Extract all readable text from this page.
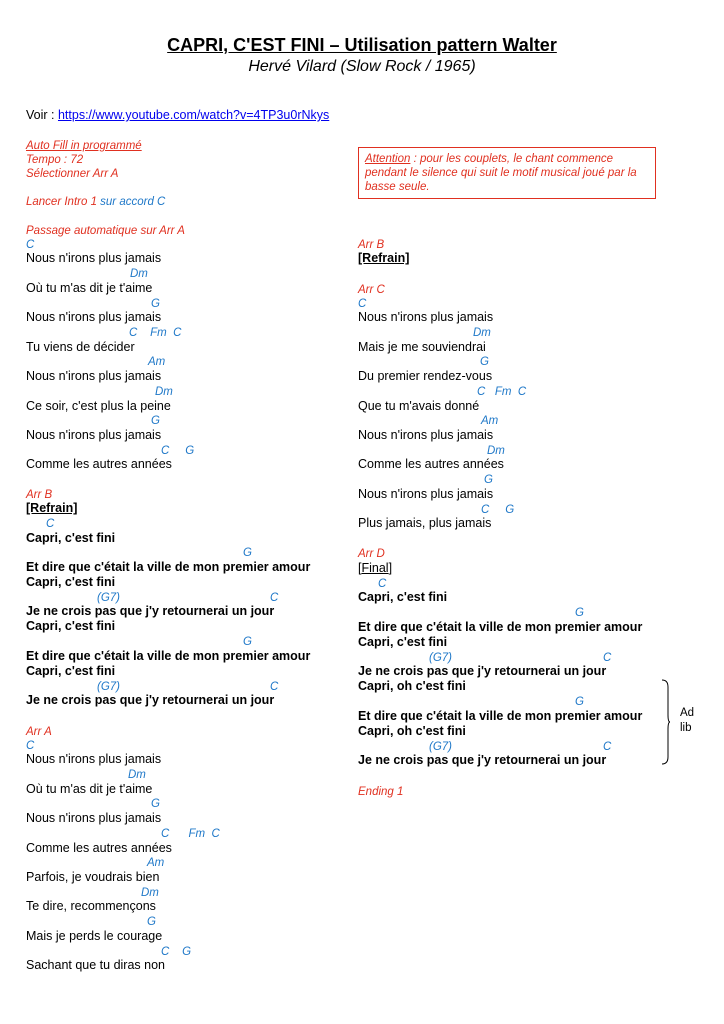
CAPRI, C'EST FINI – Utilisation pattern Walter
Hervé Vilard (Slow Rock / 1965)
Voir : https://www.youtube.com/watch?v=4TP3u0rNkys
Attention : pour les couplets, le chant commence pendant le silence qui suit le motif musical joué par la basse seule.
Auto Fill in programmé
Tempo : 72
Sélectionner Arr A
Lancer Intro 1 sur accord C
Passage automatique sur Arr A
C
Nous n'irons plus jamais
Dm
Où tu m'as dit je t'aime
G
Nous n'irons plus jamais
C    Fm  C
Tu viens de décider
Am
Nous n'irons plus jamais
Dm
Ce soir, c'est plus la peine
G
Nous n'irons plus jamais
C     G
Comme les autres années
Arr B
[Refrain]
C
Capri, c'est fini
G
Et dire que c'était la ville de mon premier amour
Capri, c'est fini
(G7)
Je ne crois pas que j'y retournerai un jour
Capri, c'est fini
G
Et dire que c'était la ville de mon premier amour
Capri, c'est fini
(G7)
Je ne crois pas que j'y retournerai un jour
Arr A
C
Nous n'irons plus jamais
Dm
Où tu m'as dit je t'aime
G
Nous n'irons plus jamais
C      Fm  C
Comme les autres années
Am
Parfois, je voudrais bien
Dm
Te dire, recommençons
G
Mais je perds le courage
C    G
Sachant que tu diras non
Arr B
[Refrain]
Arr C
C
Nous n'irons plus jamais
Dm
Mais je me souviendrai
G
Du premier rendez-vous
C   Fm  C
Que tu m'avais donné
Am
Nous n'irons plus jamais
Dm
Comme les autres années
G
Nous n'irons plus jamais
C     G
Plus jamais, plus jamais
Arr D
[Final]
C
Capri, c'est fini
G
Et dire que c'était la ville de mon premier amour
Capri, c'est fini
(G7)	C
Je ne crois pas que j'y retournerai un jour
Capri, oh c'est fini
G
Et dire que c'était la ville de mon premier amour
Capri, oh c'est fini
(G7)	C
Je ne crois pas que j'y retournerai un jour
Ending 1
C
C
Ad
lib
